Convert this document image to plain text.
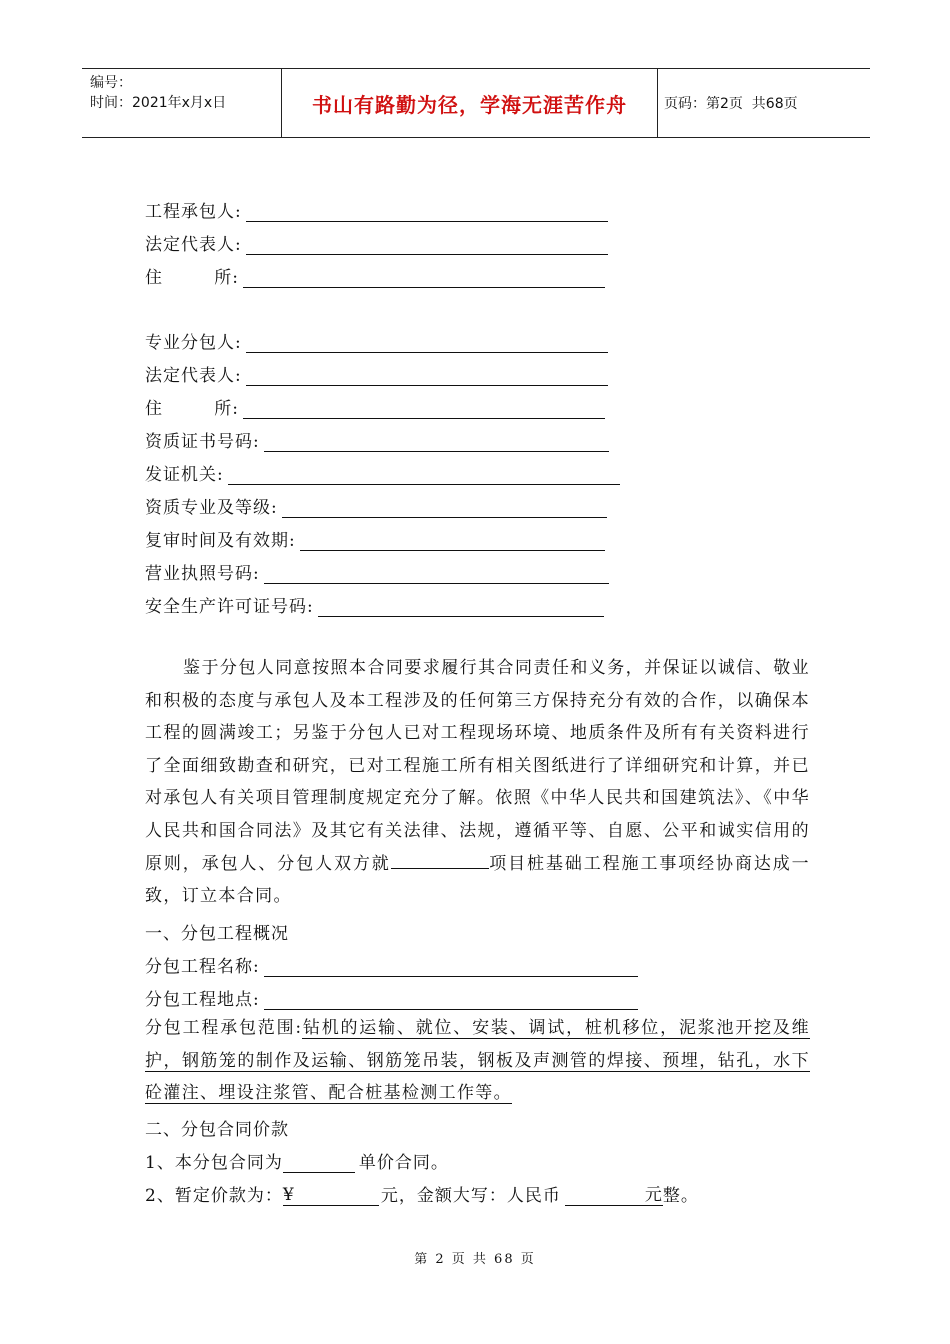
编号：
时间：2021年x月x日	书山有路勤为径，学海无涯苦作舟	页码：第2页  共68页
工程承包人:
法定代表人:
住        所:
专业分包人:
法定代表人:
住        所:
资质证书号码:
发证机关:
资质专业及等级:
复审时间及有效期:
营业执照号码:
安全生产许可证号码:
鉴于分包人同意按照本合同要求履行其合同责任和义务，并保证以诚信、敬业和积极的态度与承包人及本工程涉及的任何第三方保持充分有效的合作，以确保本工程的圆满竣工；另鉴于分包人已对工程现场环境、地质条件及所有有关资料进行了全面细致勘查和研究，已对工程施工所有相关图纸进行了详细研究和计算，并已对承包人有关项目管理制度规定充分了解。依照《中华人民共和国建筑法》、《中华人民共和国合同法》及其它有关法律、法规，遵循平等、自愿、公平和诚实信用的原则，承包人、分包人双方就	项目桩基础工程施工事项经协商达成一致，订立本合同。
一、分包工程概况
分包工程名称:
分包工程地点:
分包工程承包范围:钻机的运输、就位、安装、调试，桩机移位，泥浆池开挖及维护，钢筋笼的制作及运输、钢筋笼吊装，钢板及声测管的焊接、预埋，钻孔，水下砼灌注、埋设注浆管、配合桩基检测工作等。
二、分包合同价款
1、本分包合同为	单价合同。
2、暂定价款为： ¥	元，金额大写：人民币	元 整。
第 2 页 共 68 页
